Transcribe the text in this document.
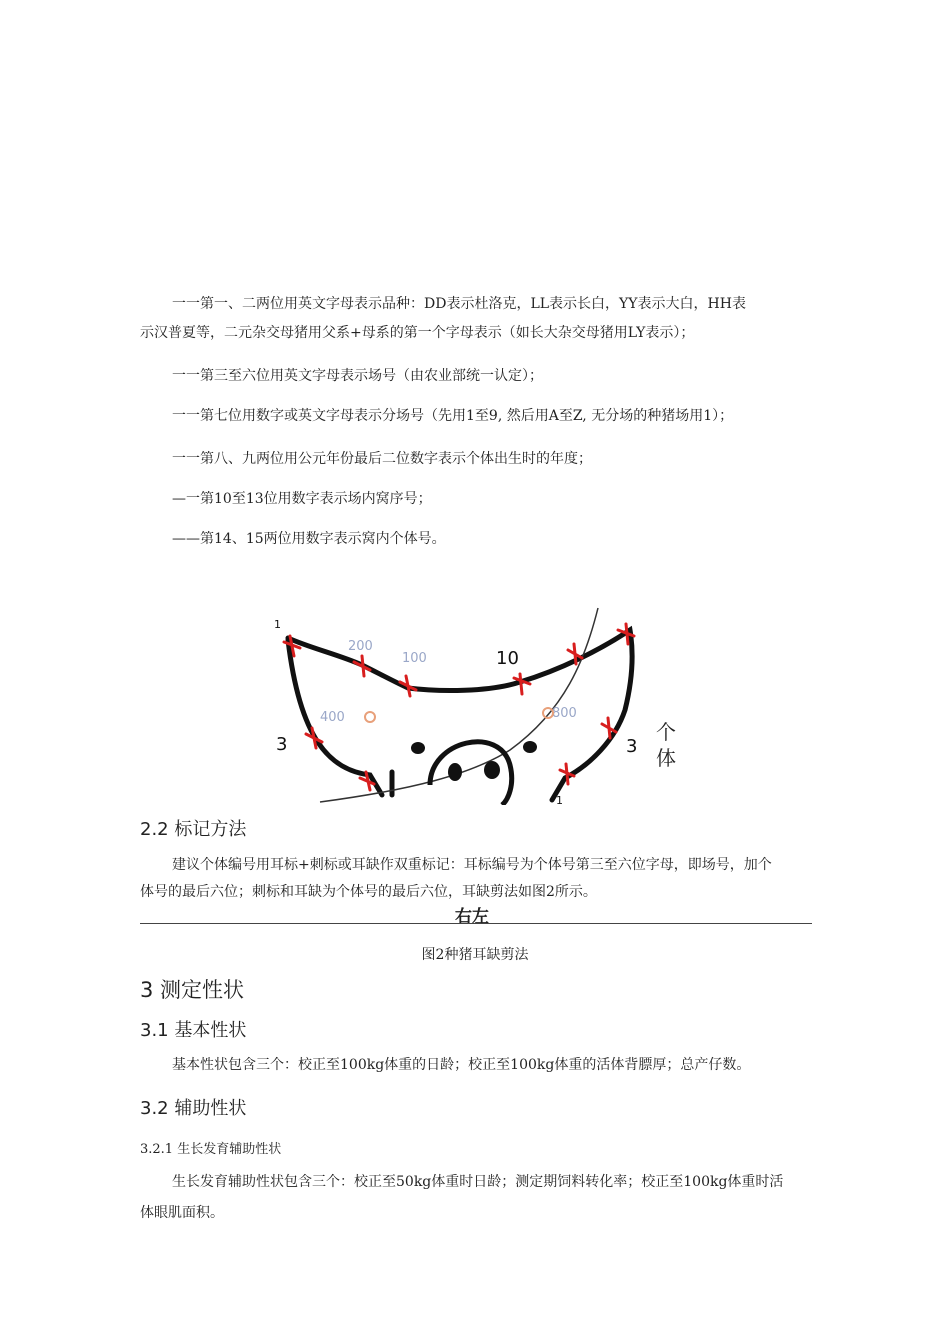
一一第一、二两位用英文字母表示品种：DD表示杜洛克，LL表示长白，YY表示大白，HH表
示汉普夏等，二元杂交母猪用父系+母系的第一个字母表示（如长大杂交母猪用LY表示）；
一一第三至六位用英文字母表示场号（由农业部统一认定）；
一一第七位用数字或英文字母表示分场号（先用1至9, 然后用A至Z, 无分场的种猪场用1）；
一一第八、九两位用公元年份最后二位数字表示个体出生时的年度；
—一第10至13位用数字表示场内窝序号；
——第14、15两位用数字表示窝内个体号。
200
100
400	800
1
10
3	3
1
个
体
2.2 标记方法
建议个体编号用耳标+刺标或耳缺作双重标记：耳标编号为个体号第三至六位字母，即场号，加个
体号的最后六位；刺标和耳缺为个体号的最后六位，耳缺剪法如图2所示。
右左
图2种猪耳缺剪法
3 测定性状
3.1 基本性状
基本性状包含三个：校正至100kg体重的日龄；校正至100kg体重的活体背膘厚；总产仔数。
3.2 辅助性状
3.2.1 生长发育辅助性状
生长发育辅助性状包含三个：校正至50kg体重时日龄；测定期饲料转化率；校正至100kg体重时活
体眼肌面积。
